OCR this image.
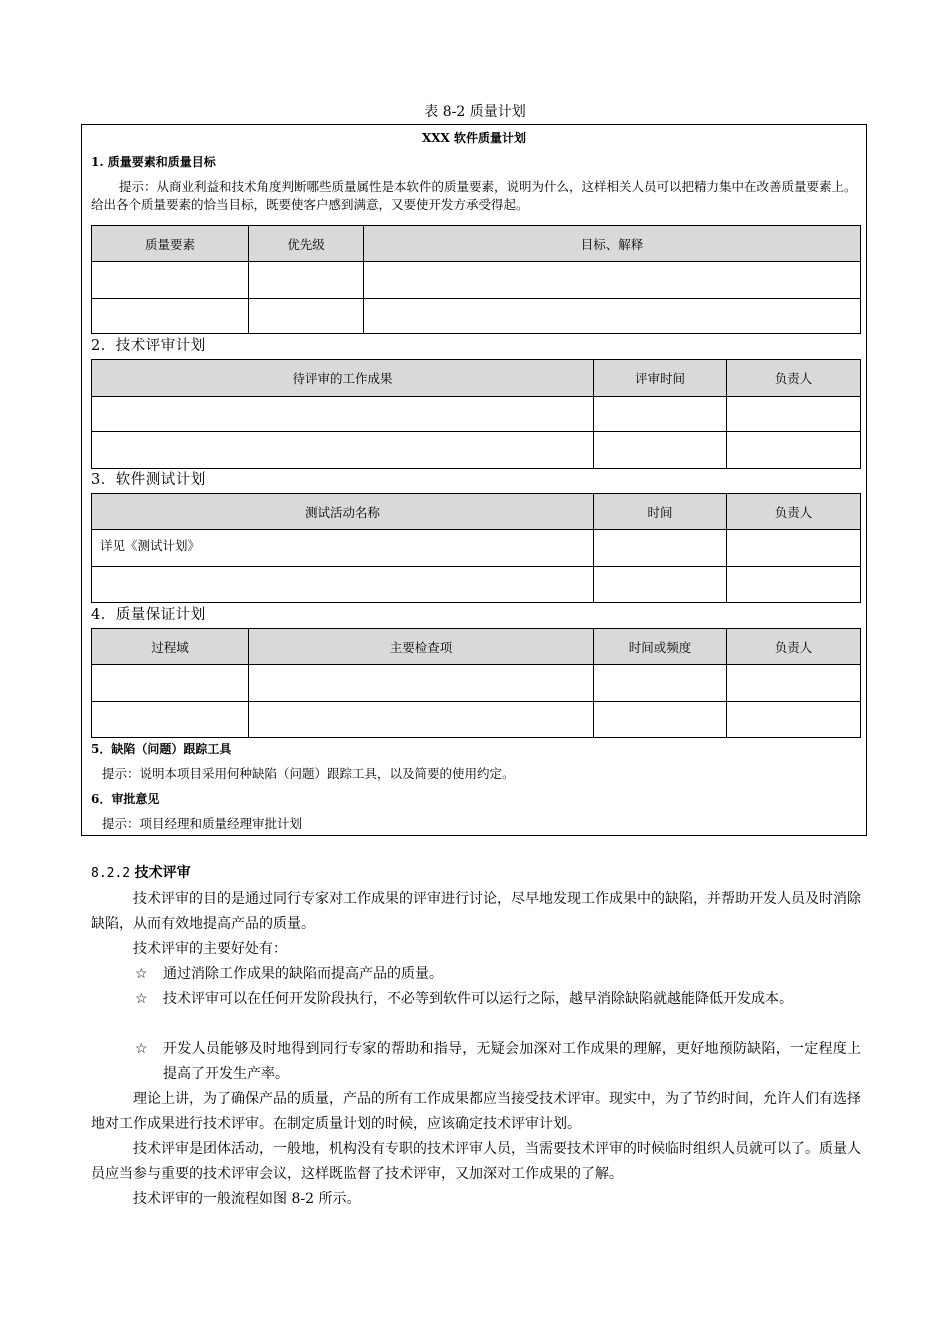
表 8-2 质量计划
XXX 软件质量计划
1. 质量要素和质量目标
提示：从商业利益和技术角度判断哪些质量属性是本软件的质量要素，说明为什么，这样相关人员可以把精力集中在改善质量要素上。给出各个质量要素的恰当目标，既要使客户感到满意，又要使开发方承受得起。
质量要素	优先级	目标、解释

2．技术评审计划
待评审的工作成果	评审时间	负责人

3．软件测试计划
测试活动名称	时间	负责人
详见《测试计划》		

4．质量保证计划
过程域	主要检查项	时间或频度	负责人

5．缺陷（问题）跟踪工具
提示：说明本项目采用何种缺陷（问题）跟踪工具，以及简要的使用约定。
6．审批意见
提示：项目经理和质量经理审批计划
8.2.2 技术评审
技术评审的目的是通过同行专家对工作成果的评审进行讨论，尽早地发现工作成果中的缺陷，并帮助开发人员及时消除缺陷，从而有效地提高产品的质量。
技术评审的主要好处有：
☆	通过消除工作成果的缺陷而提高产品的质量。
☆	技术评审可以在任何开发阶段执行，不必等到软件可以运行之际，越早消除缺陷就越能降低开发成本。
☆	开发人员能够及时地得到同行专家的帮助和指导，无疑会加深对工作成果的理解，更好地预防缺陷，一定程度上提高了开发生产率。
理论上讲，为了确保产品的质量，产品的所有工作成果都应当接受技术评审。现实中，为了节约时间，允许人们有选择地对工作成果进行技术评审。在制定质量计划的时候，应该确定技术评审计划。
技术评审是团体活动，一般地，机构没有专职的技术评审人员，当需要技术评审的时候临时组织人员就可以了。质量人员应当参与重要的技术评审会议，这样既监督了技术评审，又加深对工作成果的了解。
技术评审的一般流程如图 8-2 所示。
